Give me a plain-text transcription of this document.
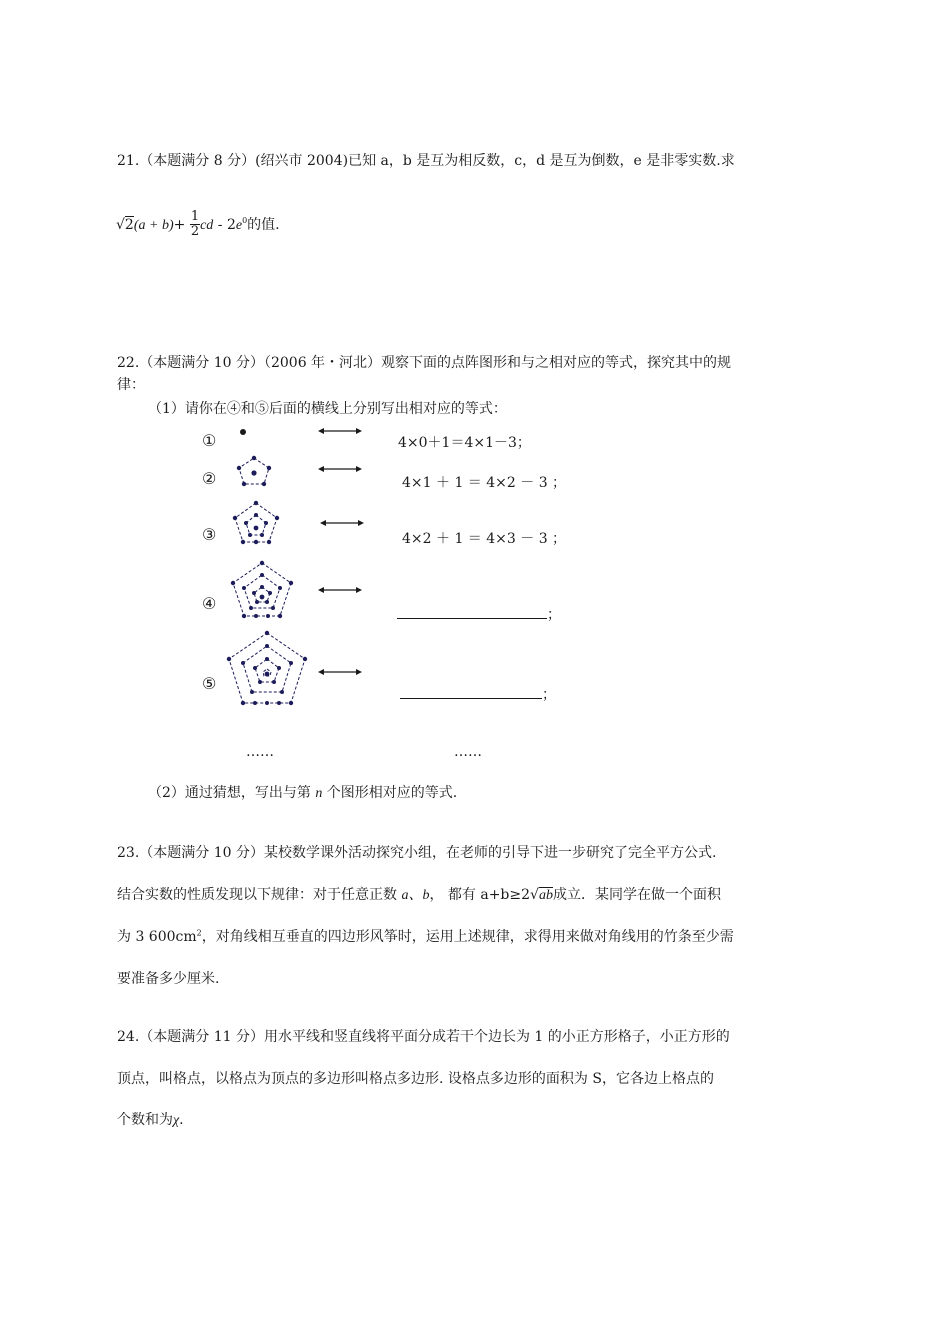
21.（本题满分 8 分）(绍兴市 2004)已知 a，b 是互为相反数，c，d 是互为倒数，e 是非零实数.求
$√2(a + b)+ \frac{1}{2}$ cd - $2e^0$的值.
22.（本题满分 10 分）（2006 年・河北）观察下面的点阵图形和与之相对应的等式，探究其中的规
律：
（1）请你在④和⑤后面的横线上分别写出相对应的等式：
①
②
③
④
⑤
4×0＋1＝4×1－3；
4×1 ＋ 1 ＝ 4×2 － 3 ；
4×2 ＋ 1 ＝ 4×3 － 3 ；
；
；
……	……
（2）通过猜想，写出与第 n 个图形相对应的等式.
23.（本题满分 10 分）某校数学课外活动探究小组，在老师的引导下进一步研究了完全平方公式.
结合实数的性质发现以下规律：对于任意正数 a、b， 都有 a+b≥2√ab成立．某同学在做一个面积
为 3 $600cm^2$，对角线相互垂直的四边形风筝时，运用上述规律，求得用来做对角线用的竹条至少需
要准备多少厘米.
24.（本题满分 11 分）用水平线和竖直线将平面分成若干个边长为 1 的小正方形格子，小正方形的
顶点，叫格点，以格点为顶点的多边形叫格点多边形. 设格点多边形的面积为 S，它各边上格点的
个数和为χ.
